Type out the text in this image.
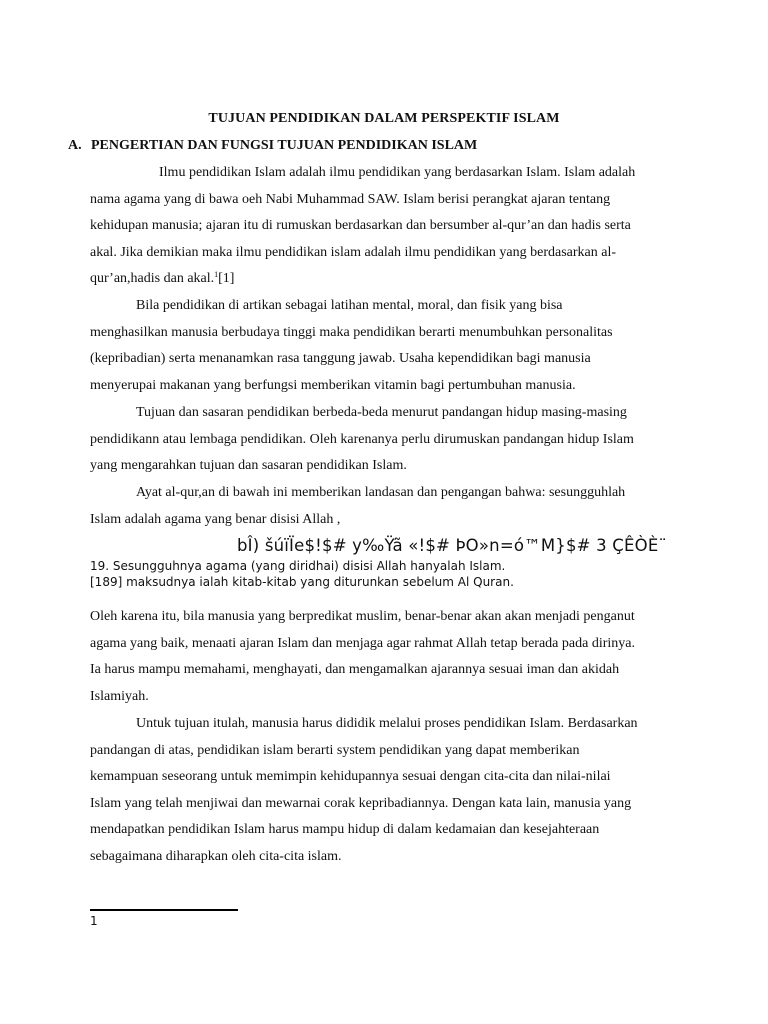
TUJUAN PENDIDIKAN DALAM PERSPEKTIF ISLAM
A. PENGERTIAN DAN FUNGSI TUJUAN PENDIDIKAN ISLAM
Ilmu pendidikan Islam adalah ilmu pendidikan yang berdasarkan Islam. Islam adalah
nama agama yang di bawa oeh Nabi Muhammad SAW. Islam berisi perangkat ajaran tentang
kehidupan manusia; ajaran itu di rumuskan berdasarkan dan bersumber al-qur’an dan hadis serta
akal. Jika demikian maka ilmu pendidikan islam adalah ilmu pendidikan yang berdasarkan al-
qur’an,hadis dan akal.$^1$[1]
Bila pendidikan di artikan sebagai latihan mental, moral, dan fisik yang bisa
menghasilkan manusia berbudaya tinggi maka pendidikan berarti menumbuhkan personalitas
(kepribadian) serta menanamkan rasa tanggung jawab. Usaha kependidikan bagi manusia
menyerupai makanan yang berfungsi memberikan vitamin bagi pertumbuhan manusia.
Tujuan dan sasaran pendidikan berbeda-beda menurut pandangan hidup masing-masing
pendidikann atau lembaga pendidikan. Oleh karenanya perlu dirumuskan pandangan hidup Islam
yang mengarahkan tujuan dan sasaran pendidikan Islam.
Ayat al-qur,an di bawah ini memberikan landasan dan pengangan bahwa: sesungguhlah
Islam adalah agama yang benar disisi Allah ,
bÎ) šúïÏe$!$# y‰Ÿã «!$# ÞO»n=ó™M}$# 3 ÇÊÒÈ¨
19. Sesungguhnya agama (yang diridhai) disisi Allah hanyalah Islam.
[189] maksudnya ialah kitab-kitab yang diturunkan sebelum Al Quran.
Oleh karena itu, bila manusia yang berpredikat muslim, benar-benar akan akan menjadi penganut
agama yang baik, menaati ajaran Islam dan menjaga agar rahmat Allah tetap berada pada dirinya.
Ia harus mampu memahami, menghayati, dan mengamalkan ajarannya sesuai iman dan akidah
Islamiyah.
Untuk tujuan itulah, manusia harus dididik melalui proses pendidikan Islam. Berdasarkan
pandangan di atas, pendidikan islam berarti system pendidikan yang dapat memberikan
kemampuan seseorang untuk memimpin kehidupannya sesuai dengan cita-cita dan nilai-nilai
Islam yang telah menjiwai dan mewarnai corak kepribadiannya. Dengan kata lain, manusia yang
mendapatkan pendidikan Islam harus mampu hidup di dalam kedamaian dan kesejahteraan
sebagaimana diharapkan oleh cita-cita islam.
1
